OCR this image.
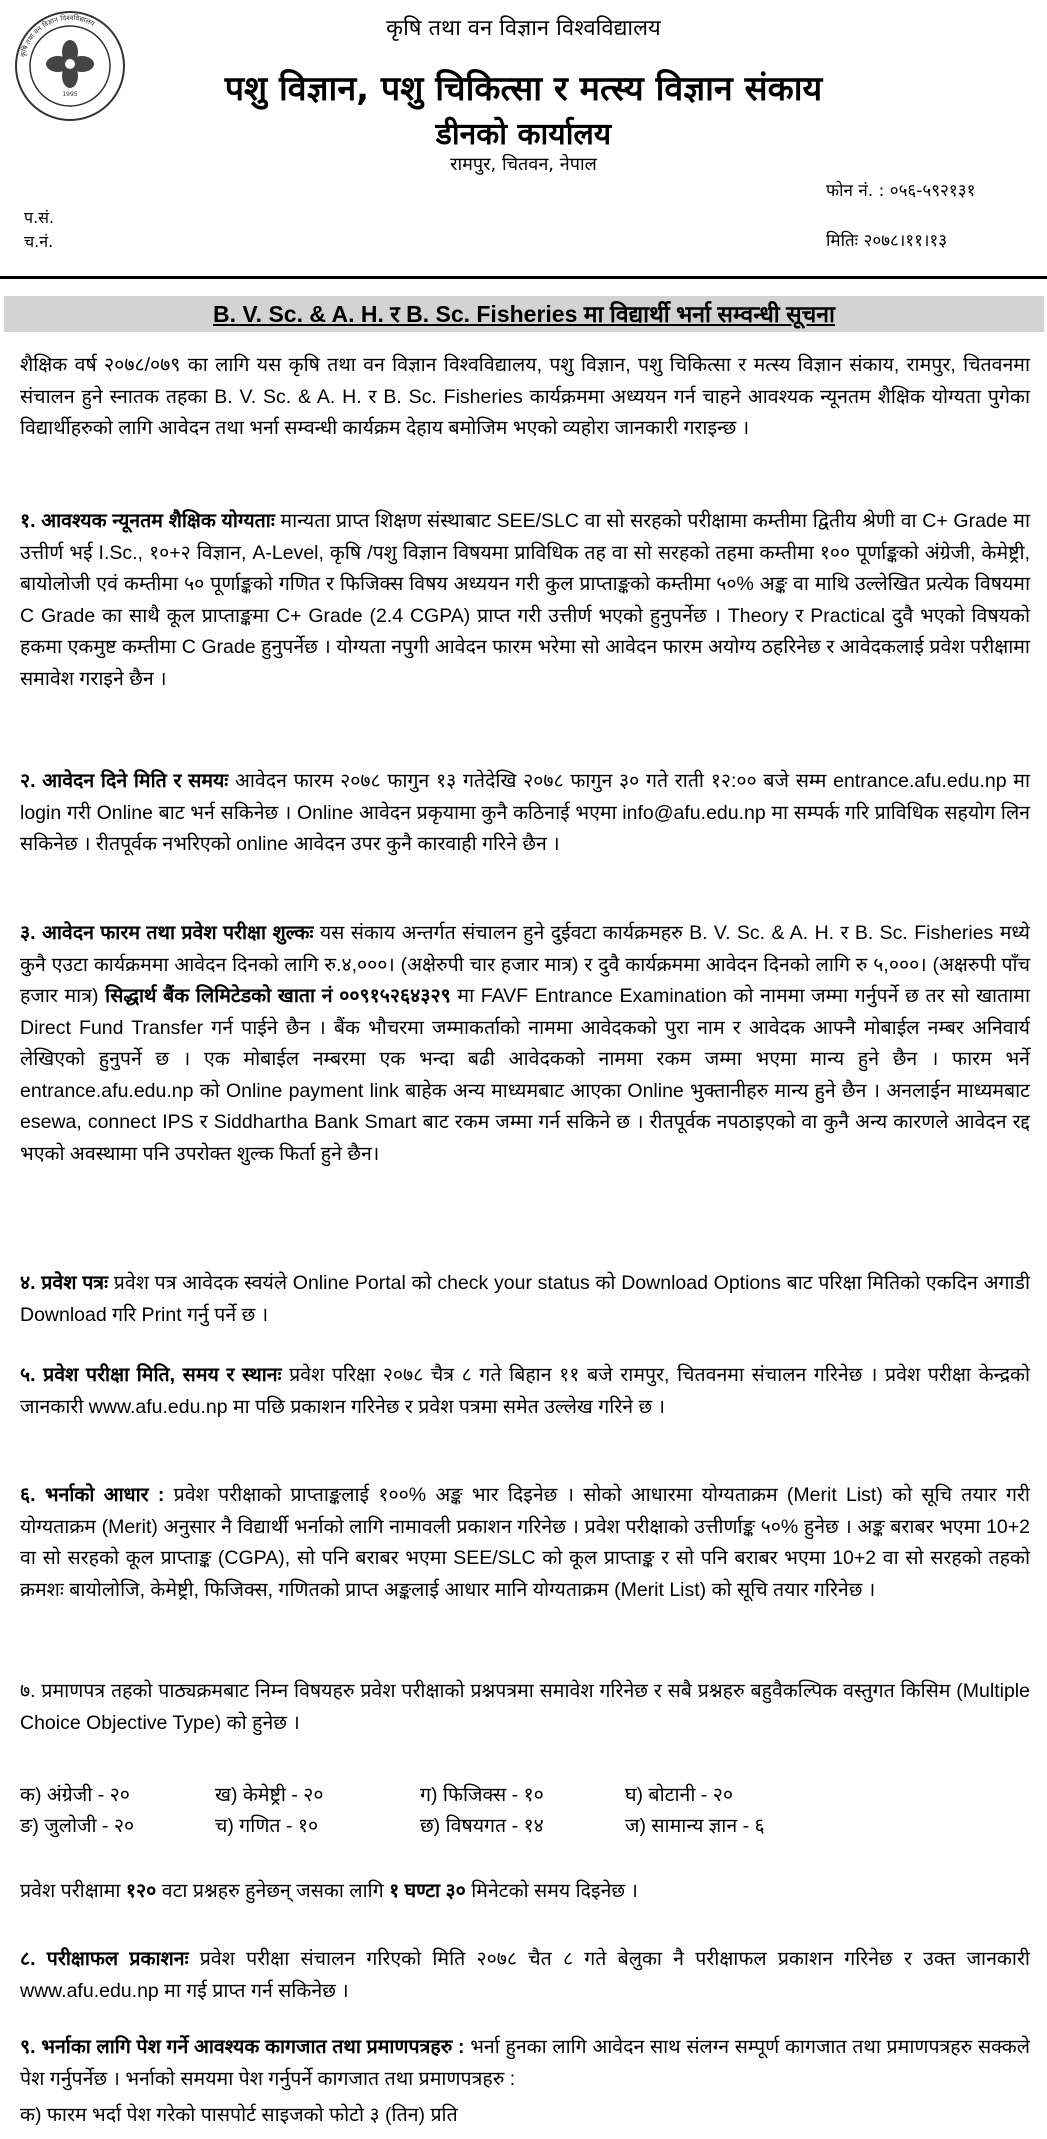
कृषि तथा वन विज्ञान विश्वविद्यालय
1995
कृषि तथा वन विज्ञान विश्वविद्यालय
पशु विज्ञान, पशु चिकित्सा र मत्स्य विज्ञान संकाय
डीनको कार्यालय
रामपुर, चितवन, नेपाल
फोन नं. : ०५६-५९२१३१
प.सं.
च.नं.	मितिः २०७८।११।१३
B. V. Sc. & A. H. र B. Sc. Fisheries मा विद्यार्थी भर्ना सम्वन्धी सूचना

शैक्षिक वर्ष २०७८/०७९ का लागि यस कृषि तथा वन विज्ञान विश्वविद्यालय, पशु विज्ञान, पशु चिकित्सा र मत्स्य विज्ञान संकाय, रामपुर, चितवनमा संचालन हुने स्नातक तहका B. V. Sc. & A. H. र B. Sc. Fisheries कार्यक्रममा अध्ययन गर्न चाहने आवश्यक न्यूनतम शैक्षिक योग्यता पुगेका विद्यार्थीहरुको लागि आवेदन तथा भर्ना सम्वन्धी कार्यक्रम देहाय बमोजिम भएको व्यहोरा जानकारी गराइन्छ ।

१. आवश्यक न्यूनतम शैक्षिक योग्यताः मान्यता प्राप्त शिक्षण संस्थाबाट SEE/SLC वा सो सरहको परीक्षामा कम्तीमा द्वितीय श्रेणी वा C+ Grade मा उत्तीर्ण भई I.Sc., १०+२ विज्ञान, A-Level, कृषि /पशु विज्ञान विषयमा प्राविधिक तह वा सो सरहको तहमा कम्तीमा १०० पूर्णाङ्कको अंग्रेजी, केमेष्ट्री, बायोलोजी एवं कम्तीमा ५० पूर्णाङ्कको गणित र फिजिक्स विषय अध्ययन गरी कुल प्राप्ताङ्कको कम्तीमा ५०% अङ्क वा माथि उल्लेखित प्रत्येक विषयमा C Grade का साथै कूल प्राप्ताङ्कमा C+ Grade (2.4 CGPA) प्राप्त गरी उत्तीर्ण भएको हुनुपर्नेछ । Theory र Practical दुवै भएको विषयको हकमा एकमुष्ट कम्तीमा C Grade हुनुपर्नेछ । योग्यता नपुगी आवेदन फारम भरेमा सो आवेदन फारम अयोग्य ठहरिनेछ र आवेदकलाई प्रवेश परीक्षामा समावेश गराइने छैन ।

२. आवेदन दिने मिति र समयः आवेदन फारम २०७८ फागुन १३ गतेदेखि २०७८ फागुन ३० गते राती १२:०० बजे सम्म entrance.afu.edu.np मा login गरी Online बाट भर्न सकिनेछ । Online आवेदन प्रकृयामा कुनै कठिनाई भएमा info@afu.edu.np मा सम्पर्क गरि प्राविधिक सहयोग लिन सकिनेछ । रीतपूर्वक नभरिएको online आवेदन उपर कुनै कारवाही गरिने छैन ।

३. आवेदन फारम तथा प्रवेश परीक्षा शुल्कः यस संकाय अन्तर्गत संचालन हुने दुईवटा कार्यक्रमहरु B. V. Sc. & A. H. र B. Sc. Fisheries मध्ये कुनै एउटा कार्यक्रममा आवेदन दिनको लागि रु.४,०००। (अक्षेरुपी चार हजार मात्र) र दुवै कार्यक्रममा आवेदन दिनको लागि रु ५,०००। (अक्षरुपी पाँच हजार मात्र) सिद्धार्थ बैंक लिमिटेडको खाता नं ००९१५२६४३२९ मा FAVF Entrance Examination को नाममा जम्मा गर्नुपर्ने छ तर सो खातामा Direct Fund Transfer गर्न पाईने छैन । बैंक भौचरमा जम्माकर्ताको नाममा आवेदकको पुरा नाम र आवेदक आफ्नै मोबाईल नम्बर अनिवार्य लेखिएको हुनुपर्ने छ । एक मोबाईल नम्बरमा एक भन्दा बढी आवेदकको नाममा रकम जम्मा भएमा मान्य हुने छैन । फारम भर्ने entrance.afu.edu.np को Online payment link बाहेक अन्य माध्यमबाट आएका Online भुक्तानीहरु मान्य हुने छैन । अनलाईन माध्यमबाट esewa, connect IPS र Siddhartha Bank Smart बाट रकम जम्मा गर्न सकिने छ । रीतपूर्वक नपठाइएको वा कुनै अन्य कारणले आवेदन रद्द भएको अवस्थामा पनि उपरोक्त शुल्क फिर्ता हुने छैन।

४. प्रवेश पत्रः प्रवेश पत्र आवेदक स्वयंले Online Portal को check your status को Download Options बाट परिक्षा मितिको एकदिन अगाडी Download गरि Print गर्नु पर्ने छ ।

५. प्रवेश परीक्षा मिति, समय र स्थानः प्रवेश परिक्षा २०७८ चैत्र ८ गते बिहान ११ बजे रामपुर, चितवनमा संचालन गरिनेछ । प्रवेश परीक्षा केन्द्रको जानकारी www.afu.edu.np मा पछि प्रकाशन गरिनेछ र प्रवेश पत्रमा समेत उल्लेख गरिने छ ।

६. भर्नाको आधार : प्रवेश परीक्षाको प्राप्ताङ्कलाई १००% अङ्क भार दिइनेछ । सोको आधारमा योग्यताक्रम (Merit List) को सूचि तयार गरी योग्यताक्रम (Merit) अनुसार नै विद्यार्थी भर्नाको लागि नामावली प्रकाशन गरिनेछ । प्रवेश परीक्षाको उत्तीर्णाङ्क ५०% हुनेछ । अङ्क बराबर भएमा 10+2 वा सो सरहको कूल प्राप्ताङ्क (CGPA), सो पनि बराबर भएमा SEE/SLC को कूल प्राप्ताङ्क र सो पनि बराबर भएमा 10+2 वा सो सरहको तहको क्रमशः बायोलोजि, केमेष्ट्री, फिजिक्स, गणितको प्राप्त अङ्कलाई आधार मानि योग्यताक्रम (Merit List) को सूचि तयार गरिनेछ ।

७. प्रमाणपत्र तहको पाठ्यक्रमबाट निम्न विषयहरु प्रवेश परीक्षाको प्रश्नपत्रमा समावेश गरिनेछ र सबै प्रश्नहरु बहुवैकल्पिक वस्तुगत किसिम (Multiple Choice Objective Type) को हुनेछ ।

क) अंग्रेजी - २०	ख) केमेष्ट्री - २०	ग) फिजिक्स - १०	घ) बोटानी - २०
ङ) जुलोजी - २०	च) गणित - १०	छ) विषयगत - १४	ज) सामान्य ज्ञान - ६

प्रवेश परीक्षामा १२० वटा प्रश्नहरु हुनेछन् जसका लागि १ घण्टा ३० मिनेटको समय दिइनेछ ।

८. परीक्षाफल प्रकाशनः प्रवेश परीक्षा संचालन गरिएको मिति २०७८ चैत ८ गते बेलुका नै परीक्षाफल प्रकाशन गरिनेछ र उक्त जानकारी www.afu.edu.np मा गई प्राप्त गर्न सकिनेछ ।

९. भर्नाका लागि पेश गर्ने आवश्यक कागजात तथा प्रमाणपत्रहरु : भर्ना हुनका लागि आवेदन साथ संलग्न सम्पूर्ण कागजात तथा प्रमाणपत्रहरु सक्कले पेश गर्नुपर्नेछ । भर्नाको समयमा पेश गर्नुपर्ने कागजात तथा प्रमाणपत्रहरु :

क) फारम भर्दा पेश गरेको पासपोर्ट साइजको फोटो ३ (तिन) प्रति
